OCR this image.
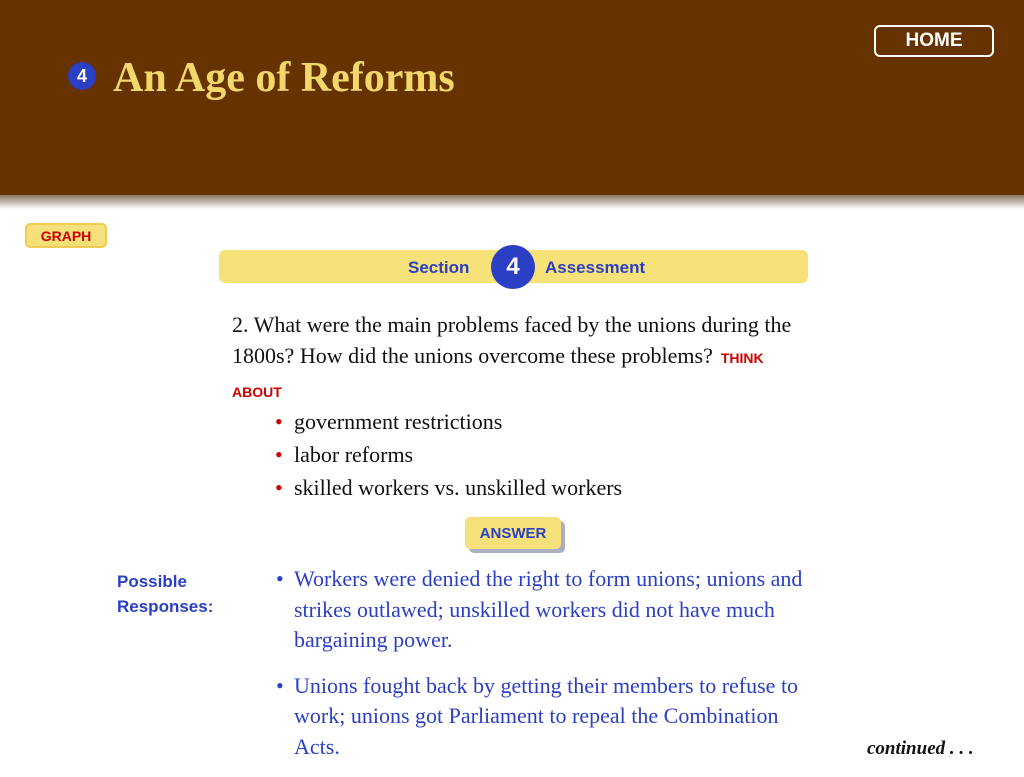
4 An Age of Reforms
HOME
GRAPH
Section	4	Assessment

2. What were the main problems faced by the unions during the 1800s? How did the unions overcome these problems? THINK ABOUT

• government restrictions
• labor reforms
• skilled workers vs. unskilled workers
ANSWER

Possible
Responses:

• Workers were denied the right to form unions; unions and strikes outlawed; unskilled workers did not have much bargaining power.
• Unions fought back by getting their members to refuse to work; unions got Parliament to repeal the Combination Acts.	continued . . .
